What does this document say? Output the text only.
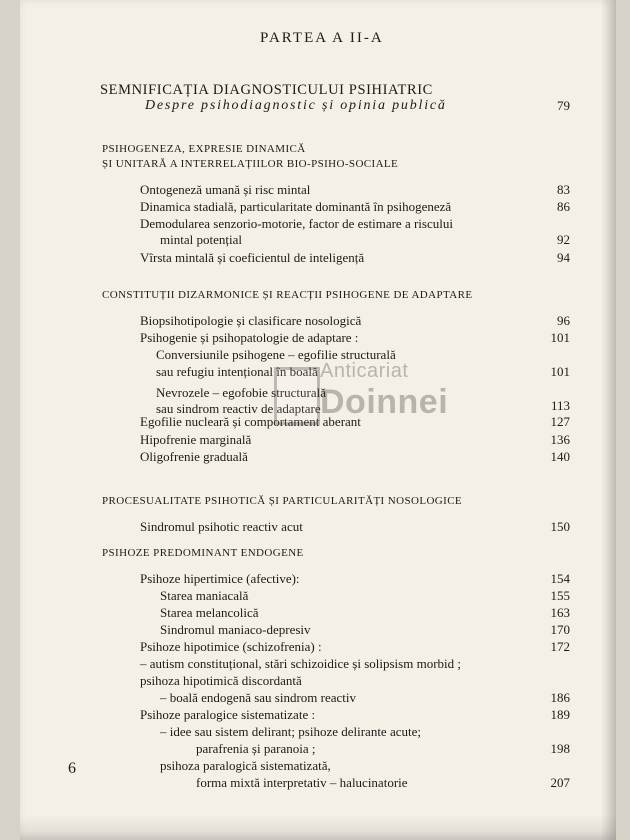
PARTEA A II-A
SEMNIFICAȚIA DIAGNOSTICULUI PSIHIATRIC
Despre psihodiagnostic și opinia publică	79
PSIHOGENEZA, EXPRESIE DINAMICĂ
ȘI UNITARĂ A INTERRELAȚIILOR BIO-PSIHO-SOCIALE
Ontogeneză umană și risc mintal	83
Dinamica stadială, particularitate dominantă în psihogeneză	86
Demodularea senzorio-motorie, factor de estimare a riscului
mintal potențial	92
Vîrsta mintală și coeficientul de inteligență	94
CONSTITUȚII DIZARMONICE ȘI REACȚII PSIHOGENE DE ADAPTARE
Biopsihotipologie și clasificare nosologică	96
Psihogenie și psihopatologie de adaptare :	101
Conversiunile psihogene – egofilie structurală
sau refugiu intențional în boală	101
Nevrozele – egofobie structurală
sau sindrom reactiv de adaptare	113
Egofilie nucleară și comportament aberant	127
Hipofrenie marginală	136
Oligofrenie graduală	140
PROCESUALITATE PSIHOTICĂ ȘI PARTICULARITĂȚI NOSOLOGICE
Sindromul psihotic reactiv acut	150
PSIHOZE PREDOMINANT ENDOGENE
Psihoze hipertimice (afective):	154
Starea maniacală	155
Starea melancolică	163
Sindromul maniaco-depresiv	170
Psihoze hipotimice (schizofrenia) :	172
– autism constituțional, stări schizoidice și solipsism morbid ;
psihoza hipotimică discordantă
– boală endogenă sau sindrom reactiv	186
Psihoze paralogice sistematizate :	189
– idee sau sistem delirant; psihoze delirante acute;
parafrenia și paranoia ;	198
psihoza paralogică sistematizată,
forma mixtă interpretativ – halucinatorie	207
6
Anticariat
Doinnei
